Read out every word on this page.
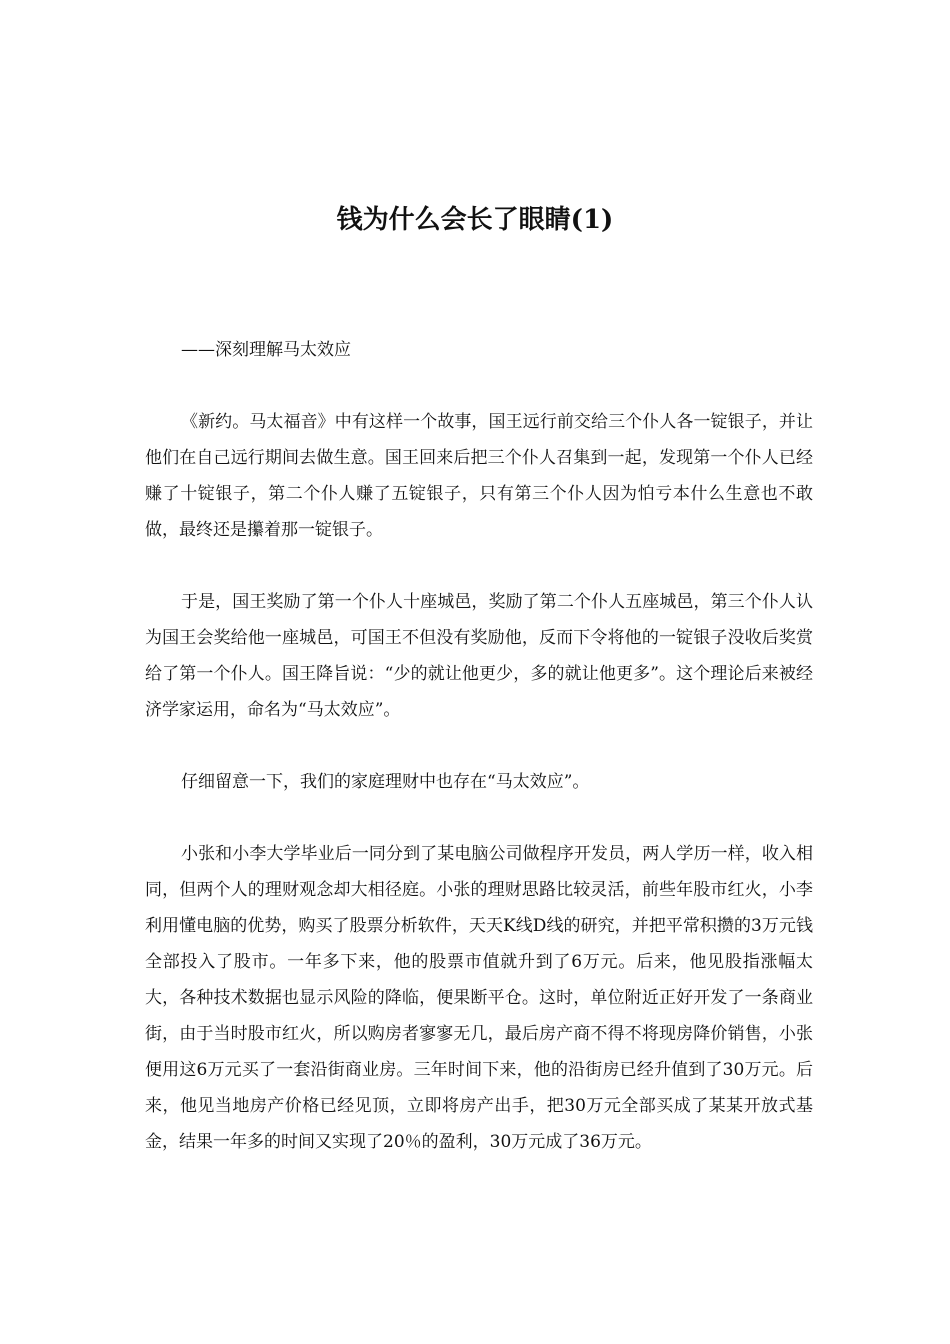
钱为什么会长了眼睛(1)

——深刻理解马太效应

《新约。马太福音》中有这样一个故事，国王远行前交给三个仆人各一锭银子，并让他们在自己远行期间去做生意。国王回来后把三个仆人召集到一起，发现第一个仆人已经赚了十锭银子，第二个仆人赚了五锭银子，只有第三个仆人因为怕亏本什么生意也不敢做，最终还是攥着那一锭银子。

于是，国王奖励了第一个仆人十座城邑，奖励了第二个仆人五座城邑，第三个仆人认为国王会奖给他一座城邑，可国王不但没有奖励他，反而下令将他的一锭银子没收后奖赏给了第一个仆人。国王降旨说：“少的就让他更少，多的就让他更多”。这个理论后来被经济学家运用，命名为“马太效应”。

仔细留意一下，我们的家庭理财中也存在“马太效应”。

小张和小李大学毕业后一同分到了某电脑公司做程序开发员，两人学历一样，收入相同，但两个人的理财观念却大相径庭。小张的理财思路比较灵活，前些年股市红火，小李利用懂电脑的优势，购买了股票分析软件，天天K线D线的研究，并把平常积攒的3万元钱全部投入了股市。一年多下来，他的股票市值就升到了6万元。后来，他见股指涨幅太大，各种技术数据也显示风险的降临，便果断平仓。这时，单位附近正好开发了一条商业街，由于当时股市红火，所以购房者寥寥无几，最后房产商不得不将现房降价销售，小张便用这6万元买了一套沿街商业房。三年时间下来，他的沿街房已经升值到了30万元。后来，他见当地房产价格已经见顶，立即将房产出手，把30万元全部买成了某某开放式基金，结果一年多的时间又实现了20％的盈利，30万元成了36万元。
